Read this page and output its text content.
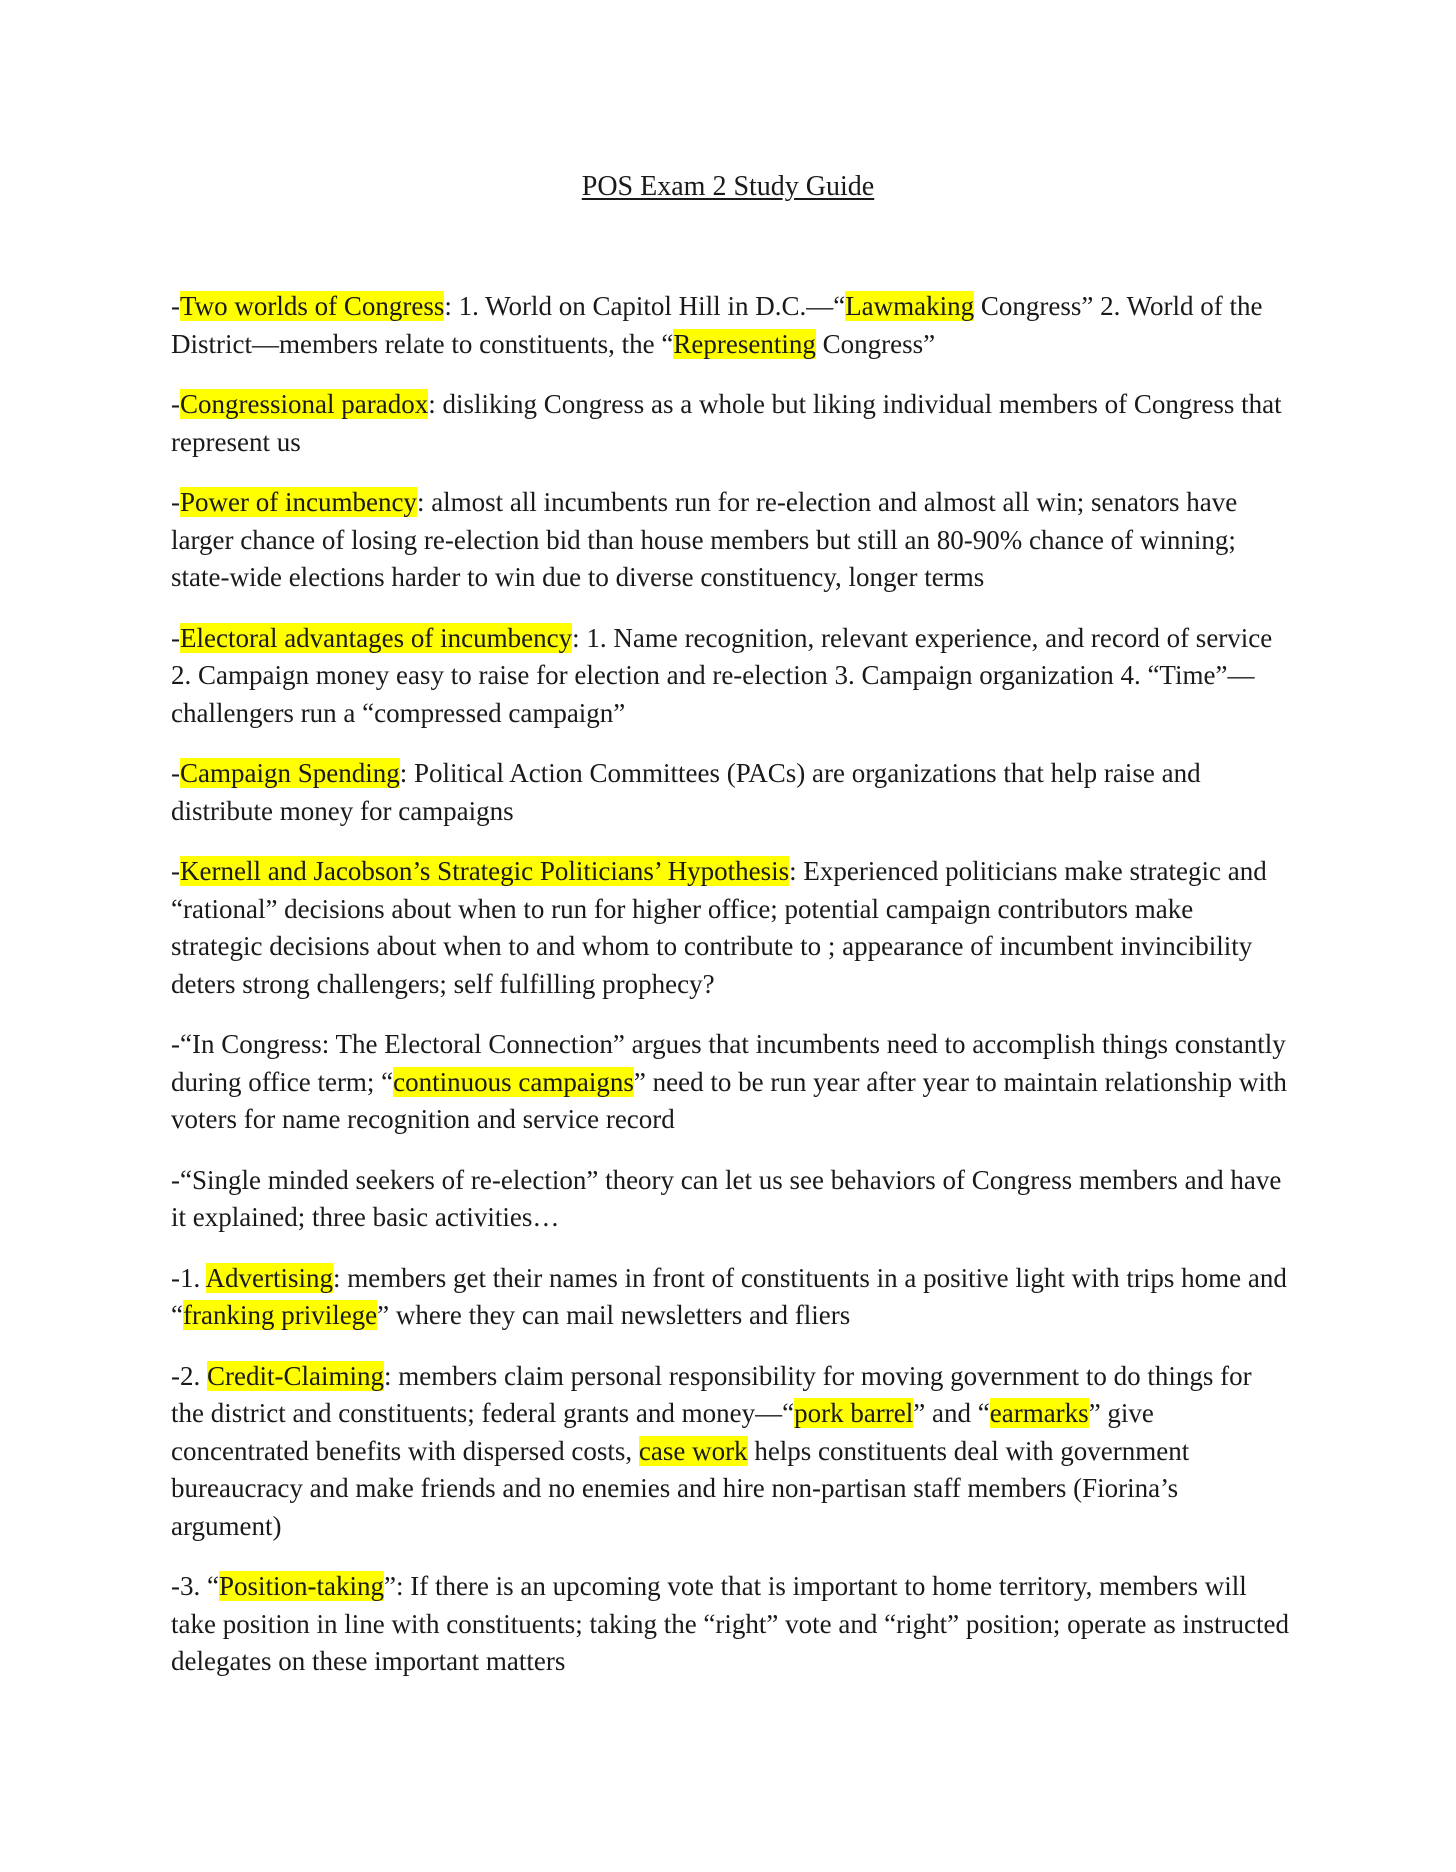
POS Exam 2 Study Guide

-Two worlds of Congress: 1. World on Capitol Hill in D.C.—“Lawmaking Congress” 2. World of the District—members relate to constituents, the “Representing Congress”

-Congressional paradox: disliking Congress as a whole but liking individual members of Congress that represent us

-Power of incumbency: almost all incumbents run for re-election and almost all win; senators have larger chance of losing re-election bid than house members but still an 80-90% chance of winning; state-wide elections harder to win due to diverse constituency, longer terms

-Electoral advantages of incumbency: 1. Name recognition, relevant experience, and record of service 2. Campaign money easy to raise for election and re-election 3. Campaign organization 4. “Time”—challengers run a “compressed campaign”

-Campaign Spending: Political Action Committees (PACs) are organizations that help raise and distribute money for campaigns

-Kernell and Jacobson’s Strategic Politicians’ Hypothesis: Experienced politicians make strategic and “rational” decisions about when to run for higher office; potential campaign contributors make strategic decisions about when to and whom to contribute to ; appearance of incumbent invincibility deters strong challengers; self fulfilling prophecy?

-“In Congress: The Electoral Connection” argues that incumbents need to accomplish things constantly during office term; “continuous campaigns” need to be run year after year to maintain relationship with voters for name recognition and service record

-“Single minded seekers of re-election” theory can let us see behaviors of Congress members and have it explained; three basic activities…

-1. Advertising: members get their names in front of constituents in a positive light with trips home and “franking privilege” where they can mail newsletters and fliers

-2. Credit-Claiming: members claim personal responsibility for moving government to do things for the district and constituents; federal grants and money—“pork barrel” and “earmarks” give concentrated benefits with dispersed costs, case work helps constituents deal with government bureaucracy and make friends and no enemies and hire non-partisan staff members (Fiorina’s argument)

-3. “Position-taking”: If there is an upcoming vote that is important to home territory, members will take position in line with constituents; taking the “right” vote and “right” position; operate as instructed delegates on these important matters
